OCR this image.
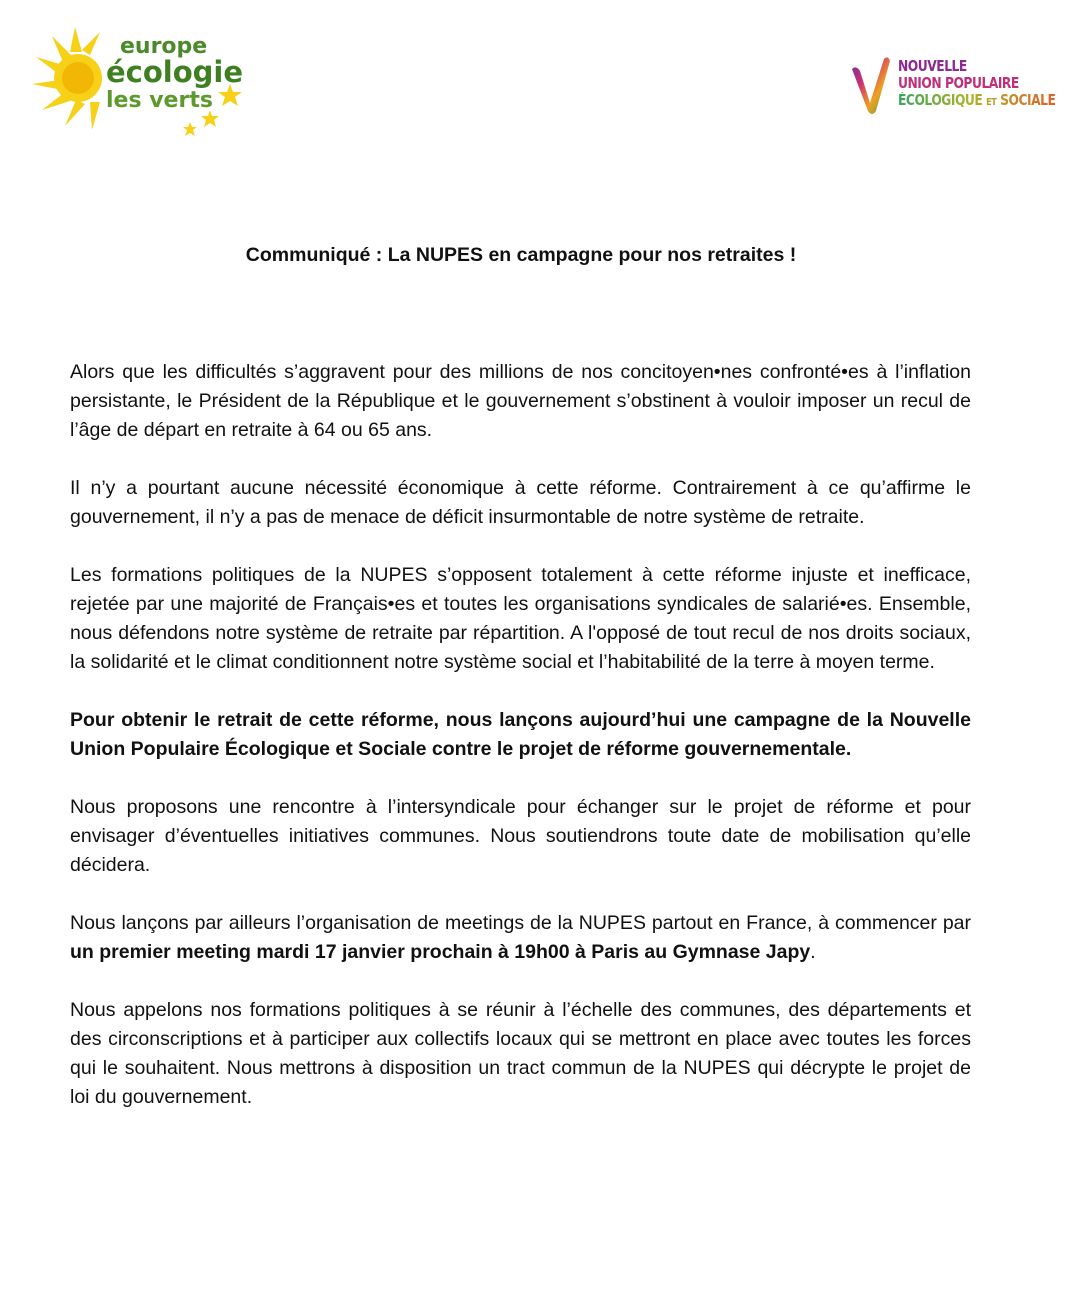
europe
écologie
les verts
NOUVELLE
UNION POPULAIRE
ÉCOLOGIQUE ET SOCIALE
Communiqué : La NUPES en campagne pour nos retraites !

Alors que les difficultés s’aggravent pour des millions de nos concitoyen•nes confronté•es à l’inflation persistante, le Président de la République et le gouvernement s’obstinent à vouloir imposer un recul de l’âge de départ en retraite à 64 ou 65 ans.

Il n’y a pourtant aucune nécessité économique à cette réforme. Contrairement à ce qu’affirme le gouvernement, il n’y a pas de menace de déficit insurmontable de notre système de retraite.

Les formations politiques de la NUPES s’opposent totalement à cette réforme injuste et inefficace, rejetée par une majorité de Français•es et toutes les organisations syndicales de salarié•es. Ensemble, nous défendons notre système de retraite par répartition. A l'opposé de tout recul de nos droits sociaux, la solidarité et le climat conditionnent notre système social et l’habitabilité de la terre à moyen terme.

Pour obtenir le retrait de cette réforme, nous lançons aujourd’hui une campagne de la Nouvelle Union Populaire Écologique et Sociale contre le projet de réforme gouvernementale.

Nous proposons une rencontre à l’intersyndicale pour échanger sur le projet de réforme et pour envisager d’éventuelles initiatives communes. Nous soutiendrons toute date de mobilisation qu’elle décidera.

Nous lançons par ailleurs l’organisation de meetings de la NUPES partout en France, à commencer par un premier meeting mardi 17 janvier prochain à 19h00 à Paris au Gymnase Japy.

Nous appelons nos formations politiques à se réunir à l’échelle des communes, des départements et des circonscriptions et à participer aux collectifs locaux qui se mettront en place avec toutes les forces qui le souhaitent. Nous mettrons à disposition un tract commun de la NUPES qui décrypte le projet de loi du gouvernement.
